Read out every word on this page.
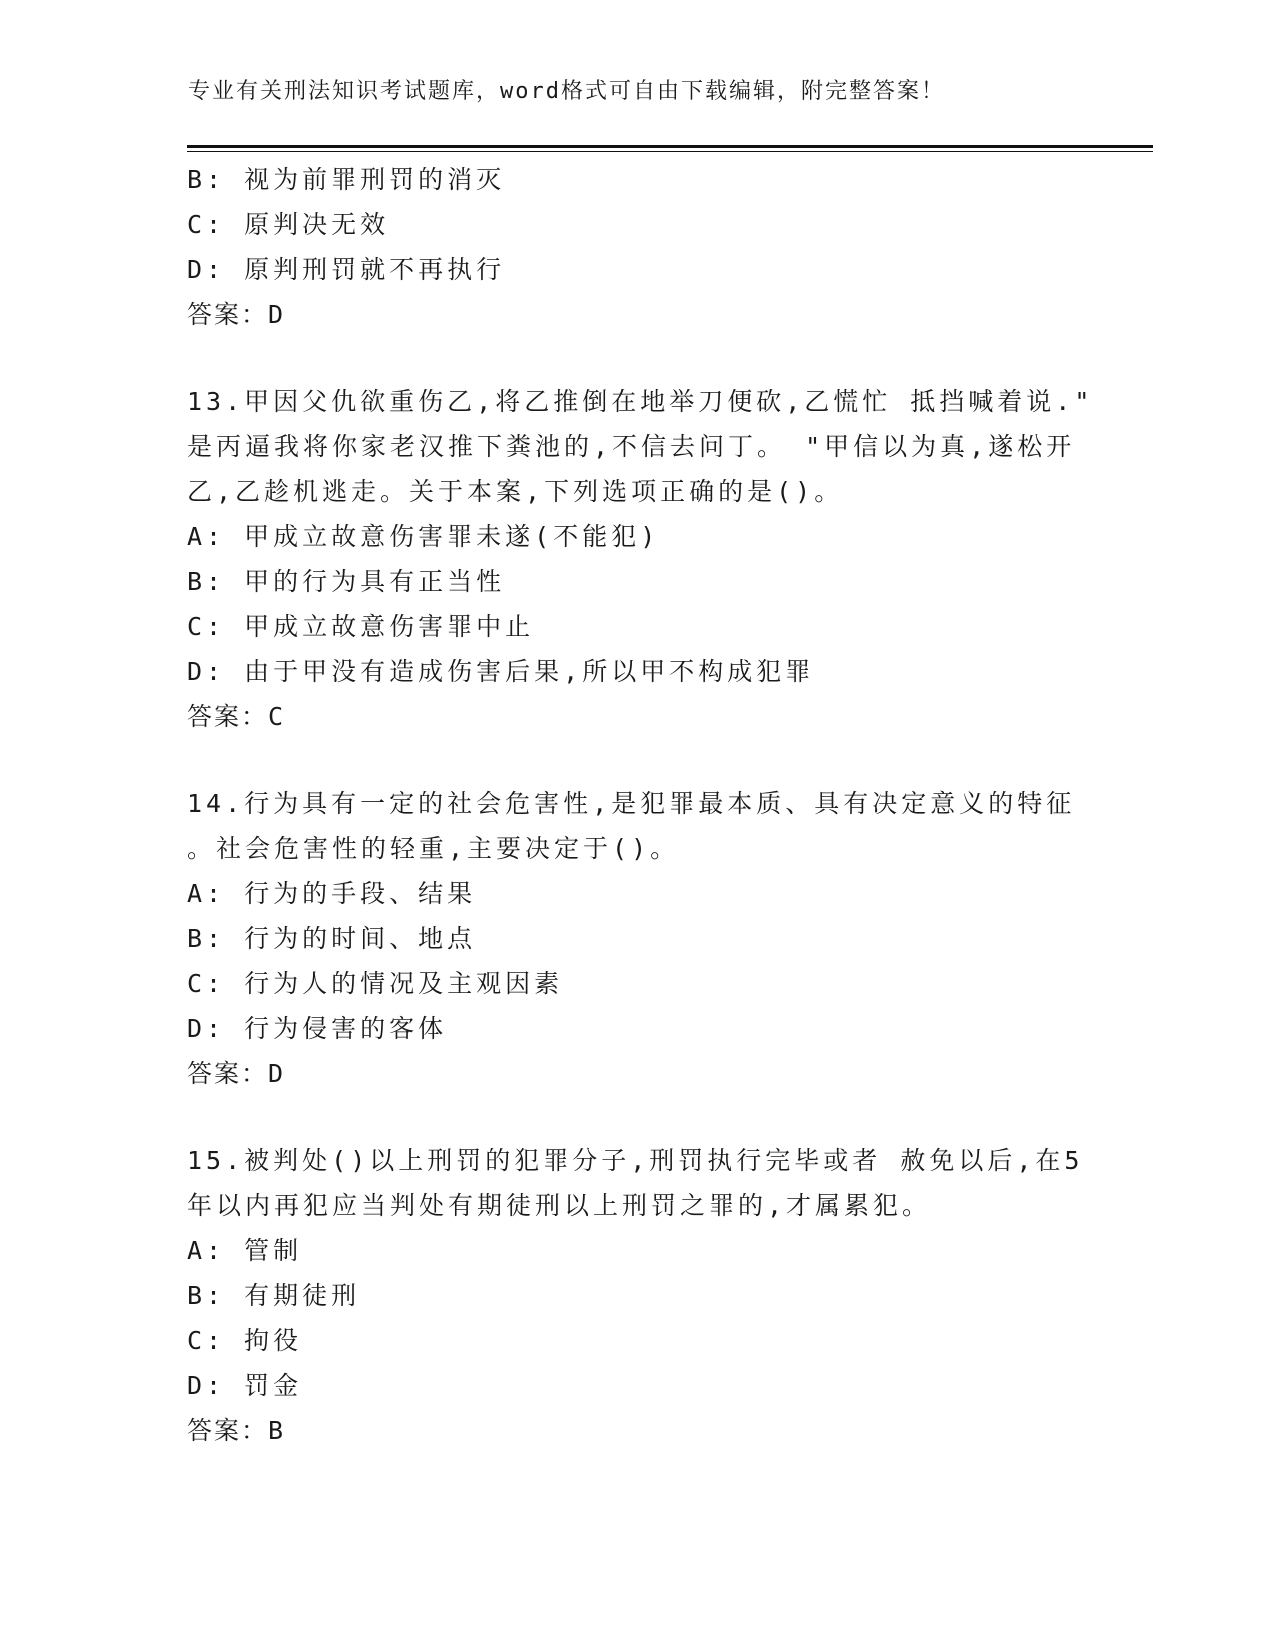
专业有关刑法知识考试题库，word格式可自由下载编辑，附完整答案！
B: 视为前罪刑罚的消灭
C: 原判决无效
D: 原判刑罚就不再执行
答案：D
13.甲因父仇欲重伤乙,将乙推倒在地举刀便砍,乙慌忙 抵挡喊着说."
是丙逼我将你家老汉推下粪池的,不信去问丁。 "甲信以为真,遂松开
乙,乙趁机逃走。关于本案,下列选项正确的是()。
A: 甲成立故意伤害罪未遂(不能犯)
B: 甲的行为具有正当性
C: 甲成立故意伤害罪中止
D: 由于甲没有造成伤害后果,所以甲不构成犯罪
答案：C
14.行为具有一定的社会危害性,是犯罪最本质、具有决定意义的特征
。社会危害性的轻重,主要决定于()。
A: 行为的手段、结果
B: 行为的时间、地点
C: 行为人的情况及主观因素
D: 行为侵害的客体
答案：D
15.被判处()以上刑罚的犯罪分子,刑罚执行完毕或者 赦免以后,在5
年以内再犯应当判处有期徒刑以上刑罚之罪的,才属累犯。
A: 管制
B: 有期徒刑
C: 拘役
D: 罚金
答案：B
